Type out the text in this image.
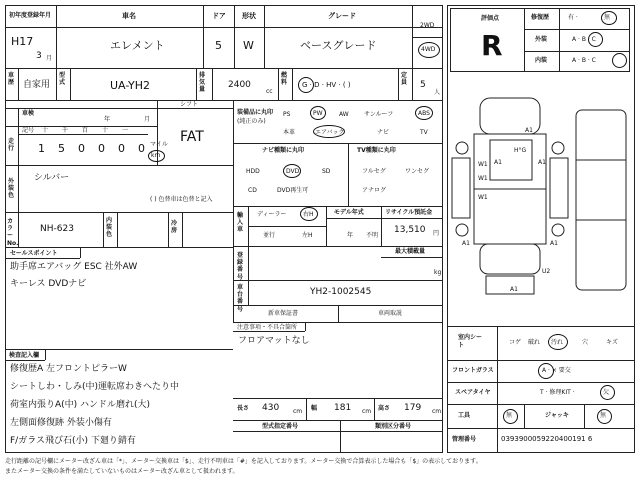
初年度登録年月
H17
3 月
車名
エレメント
ドア
5
形状
W
グレード
ベースグレード
2WD
4WD
車歴 自家用
型式	UA-YH2
排気量	2400
cc
燃料 G · D · HV · ( )
定員 5
人
車検
年	月
シフト
FAT
走行
記号 十 千 百 十 一
1 5 0 0 0 0 マイル
km
外装色
シルバー
( ) 色替車は色替と記入
カラーNo.
NH-623
内装色
冷房
セールスポイント
助手席エアバッグ ESC 社外AW
キーレス DVDナビ
検査記入欄
修復歴A 左フロントピラーW
シートしわ・しみ(中)運転席わきへたり中
荷室内張りA(中) ハンドル磨れ(大)
左側面修復跡 外装小傷有
F/ガラス飛び石(小) 下廻り錆有
装備品に丸印
(純正のみ)
PS	PW	AW	サンルーフ	ABS
本革	エアバッグ	ナビ	TV
ナビ種類に丸印
HDD	DVD	SD
CD	DVD再生可
TV種類に丸印
フルセグ	ワンセグ
アナログ
輸入車
ディーラー	右H
並行	左H
モデル年式
年 不明
リサイクル預託金
13,510 円
登録番号
最大積載量
kg
車台番号
YH2-1002545
新車保証書	車両取説
注意事項・不具合箇所
フロアマットなし
長さ 430 cm 幅 181 cm 高さ 179 cm
型式指定番号	類別区分番号
評価点
R
修復歴	有 ·	無
外装	A · B · C
内装	A · B · C
A1
A1	A1
H°G
W1
W1
W1
A1	A1
U2
A1
室内シート	コゲ 破れ 汚れ	穴	キズ
フロントガラス	A · × 要交
スペアタイヤ	T · 修理KIT ·	欠
工具	無	ジャッキ	無
管理番号	0393900059220400191 6
走行距離の記号欄にメーター改ざん車は「*」、メーター交換車は「$」、走行不明車は「#」を記入しております。メーター交換で合算表示した場合も「$」の表示しております。
またメーター交換の条件を満たしていないものはメーター改ざん車として扱われます。
